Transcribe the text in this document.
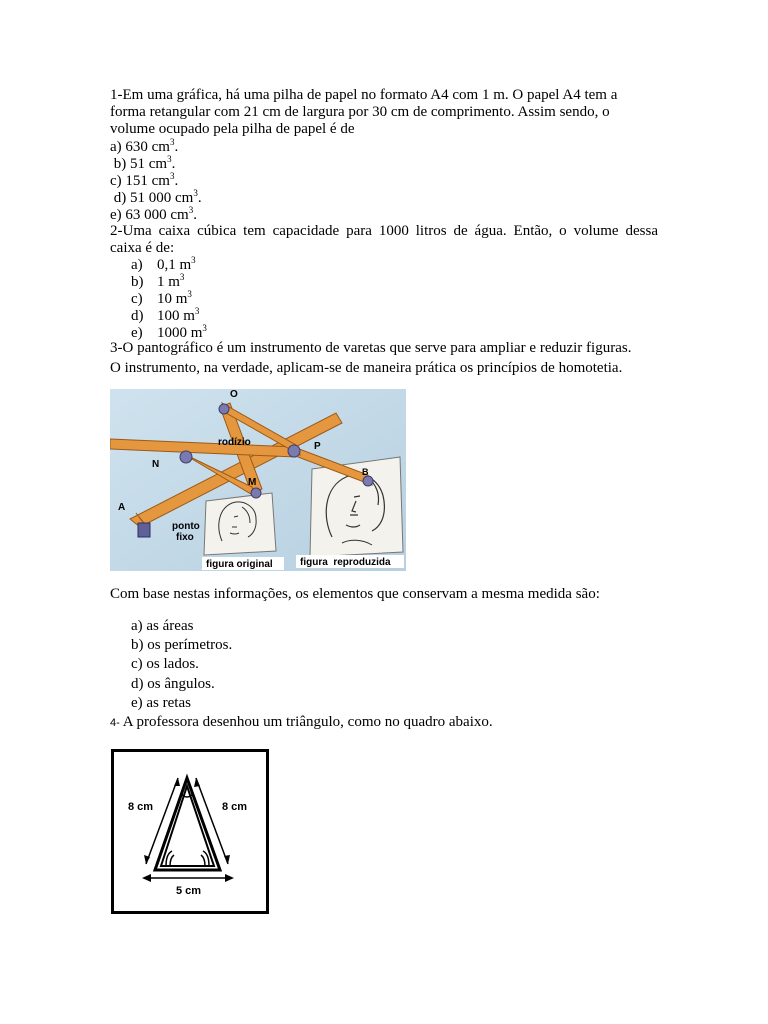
1-Em uma gráfica, há uma pilha de papel no formato A4 com 1 m. O papel A4 tem a
forma retangular com 21 cm de largura por 30 cm de comprimento. Assim sendo, o
volume ocupado pela pilha de papel é de
a) 630 $cm^3$.
b) 51 $cm^3$.
c) 151 $cm^3$.
d) 51 000 $cm^3$.
e) 63 000 $cm^3$.
2-Uma caixa cúbica tem capacidade para 1000 litros de água. Então, o volume dessa
caixa é de:
a) 0,1 $m^3$
b) 1 $m^3$
c) 10 $m^3$
d) 100 $m^3$
e) 1000 $m^3$
3-O pantográfico é um instrumento de varetas que serve para ampliar e reduzir figuras.
O instrumento, na verdade, aplicam-se de maneira prática os princípios de homotetia.
O
rodízio	P
N
M
A
B
ponto
fixo
figura original	figura  reproduzida
Com base nestas informações, os elementos que conservam a mesma medida são:
a) as áreas
b) os perímetros.
c) os lados.
d) os ângulos.
e) as retas
4- A professora desenhou um triângulo, como no quadro abaixo.
8 cm	8 cm
5 cm
